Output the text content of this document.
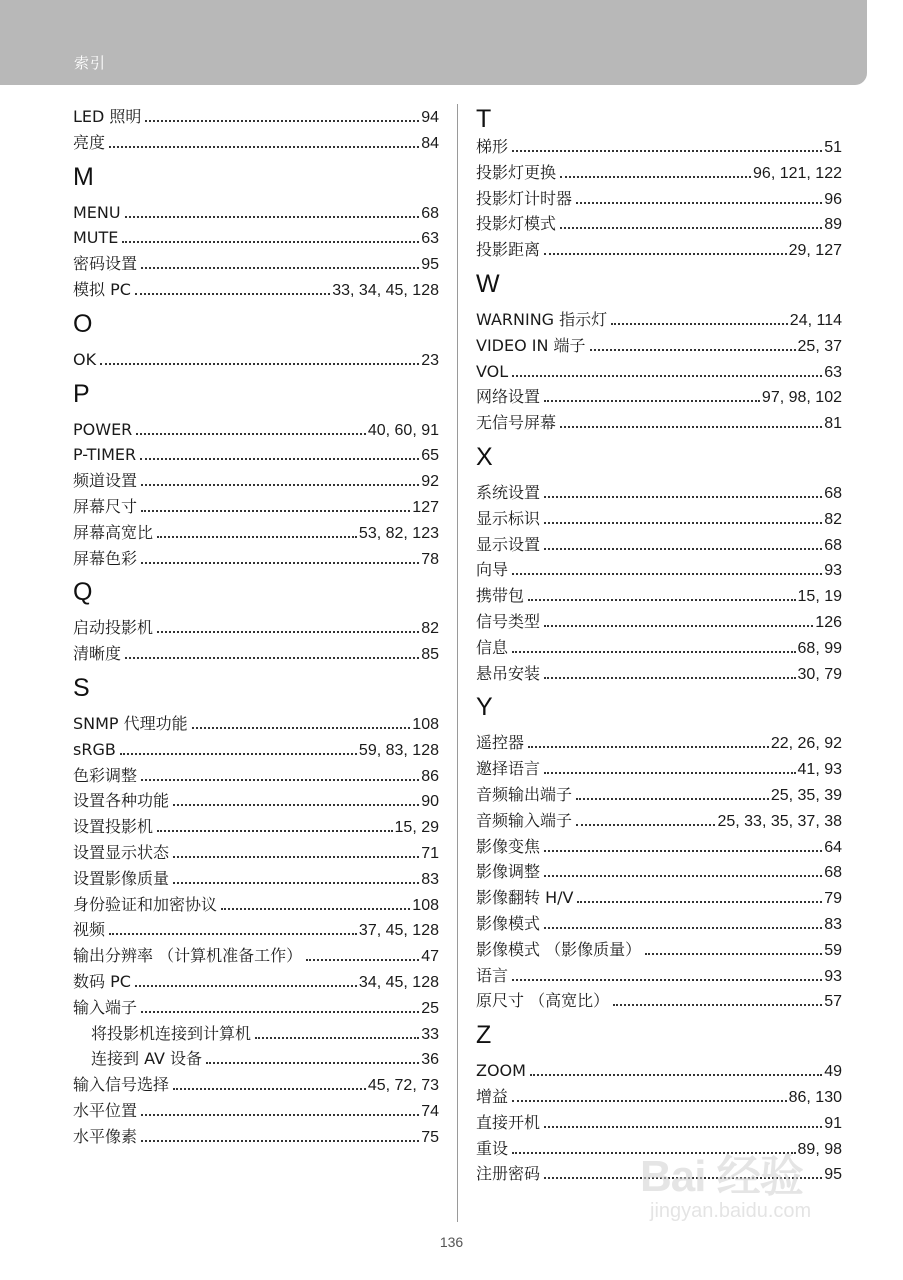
索引
LED 照明	94
亮度	84
M
MENU	68
MUTE	63
密码设置	95
模拟 PC	33, 34, 45, 128
O
OK	23
P
POWER	40, 60, 91
P-TIMER	65
频道设置	92
屏幕尺寸	127
屏幕高宽比	53, 82, 123
屏幕色彩	78
Q
启动投影机	82
清晰度	85
S
SNMP 代理功能	108
sRGB	59, 83, 128
色彩调整	86
设置各种功能	90
设置投影机	15, 29
设置显示状态	71
设置影像质量	83
身份验证和加密协议	108
视频	37, 45, 128
输出分辨率 （计算机准备工作）	47
数码 PC	34, 45, 128
输入端子	25
将投影机连接到计算机	33
连接到 AV 设备	36
输入信号选择	45, 72, 73
水平位置	74
水平像素	75
T
梯形	51
投影灯更换	96, 121, 122
投影灯计时器	96
投影灯模式	89
投影距离	29, 127
W
WARNING 指示灯	24, 114
VIDEO IN 端子	25, 37
VOL	63
网络设置	97, 98, 102
无信号屏幕	81
X
系统设置	68
显示标识	82
显示设置	68
向导	93
携带包	15, 19
信号类型	126
信息	68, 99
悬吊安装	30, 79
Y
遥控器	22, 26, 92
邀择语言	41, 93
音频输出端子	25, 35, 39
音频输入端子	25, 33, 35, 37, 38
影像变焦	64
影像调整	68
影像翻转 H/V	79
影像模式	83
影像模式 （影像质量）	59
语言	93
原尺寸 （高宽比）	57
Z
ZOOM	49
增益	86, 130
直接开机	91
重设	89, 98
注册密码	95
136
Bai 经验
jingyan.baidu.com
